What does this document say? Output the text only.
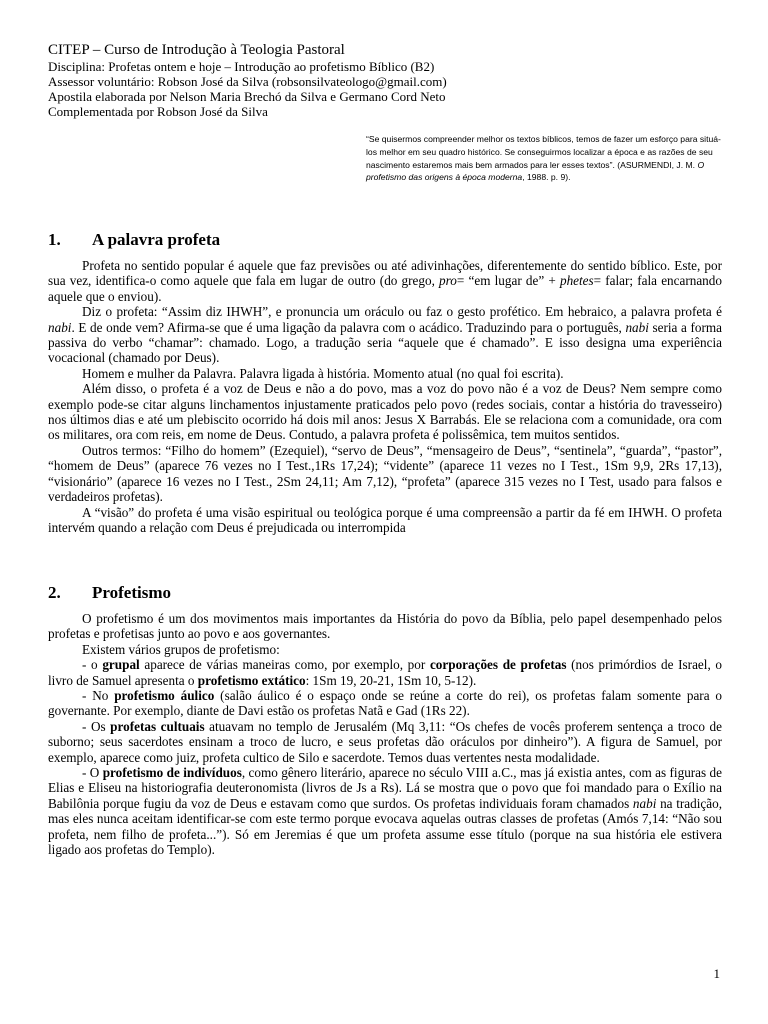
CITEP – Curso de Introdução à Teologia Pastoral
Disciplina: Profetas ontem e hoje – Introdução ao profetismo Bíblico (B2)
Assessor voluntário: Robson José da Silva (robsonsilvateologo@gmail.com)
Apostila elaborada por Nelson Maria Brechó da Silva e Germano Cord Neto
Complementada por Robson José da Silva
“Se quisermos compreender melhor os textos bíblicos, temos de fazer um esforço para situá-los melhor em seu quadro histórico. Se conseguirmos localizar a época e as razões de seu nascimento estaremos mais bem armados para ler esses textos”. (ASURMENDI, J. M. O profetismo das origens à época moderna, 1988. p. 9).
1.	A palavra profeta

Profeta no sentido popular é aquele que faz previsões ou até adivinhações, diferentemente do sentido bíblico. Este, por sua vez, identifica-o como aquele que fala em lugar de outro (do grego, pro= “em lugar de” + phetes= falar; fala encarnando aquele que o enviou).

Diz o profeta: “Assim diz IHWH”, e pronuncia um oráculo ou faz o gesto profético. Em hebraico, a palavra profeta é nabi. E de onde vem? Afirma-se que é uma ligação da palavra com o acádico. Traduzindo para o português, nabi seria a forma passiva do verbo “chamar”: chamado. Logo, a tradução seria “aquele que é chamado”. E isso designa uma experiência vocacional (chamado por Deus).

Homem e mulher da Palavra. Palavra ligada à história. Momento atual (no qual foi escrita).

Além disso, o profeta é a voz de Deus e não a do povo, mas a voz do povo não é a voz de Deus? Nem sempre como exemplo pode-se citar alguns linchamentos injustamente praticados pelo povo (redes sociais, contar a história do travesseiro) nos últimos dias e até um plebiscito ocorrido há dois mil anos: Jesus X Barrabás. Ele se relaciona com a comunidade, ora com os militares, ora com reis, em nome de Deus. Contudo, a palavra profeta é polissêmica, tem muitos sentidos.

Outros termos: “Filho do homem” (Ezequiel), “servo de Deus”, “mensageiro de Deus”, “sentinela”, “guarda”, “pastor”, “homem de Deus” (aparece 76 vezes no I Test.,1Rs 17,24); “vidente” (aparece 11 vezes no I Test., 1Sm 9,9, 2Rs 17,13), “visionário” (aparece 16 vezes no I Test., 2Sm 24,11; Am 7,12), “profeta” (aparece 315 vezes no I Test, usado para falsos e verdadeiros profetas).

A “visão” do profeta é uma visão espiritual ou teológica porque é uma compreensão a partir da fé em IHWH. O profeta intervém quando a relação com Deus é prejudicada ou interrompida

2.	Profetismo

O profetismo é um dos movimentos mais importantes da História do povo da Bíblia, pelo papel desempenhado pelos profetas e profetisas junto ao povo e aos governantes.

Existem vários grupos de profetismo:

- o grupal aparece de várias maneiras como, por exemplo, por corporações de profetas (nos primórdios de Israel, o livro de Samuel apresenta o profetismo extático: 1Sm 19, 20-21, 1Sm 10, 5-12).

- No profetismo áulico (salão áulico é o espaço onde se reúne a corte do rei), os profetas falam somente para o governante. Por exemplo, diante de Davi estão os profetas Natã e Gad (1Rs 22).

- Os profetas cultuais atuavam no templo de Jerusalém (Mq 3,11: “Os chefes de vocês proferem sentença a troco de suborno; seus sacerdotes ensinam a troco de lucro, e seus profetas dão oráculos por dinheiro”). A figura de Samuel, por exemplo, aparece como juiz, profeta cultico de Silo e sacerdote. Temos duas vertentes nesta modalidade.

- O profetismo de indivíduos, como gênero literário, aparece no século VIII a.C., mas já existia antes, com as figuras de Elias e Eliseu na historiografia deuteronomista (livros de Js a Rs). Lá se mostra que o povo que foi mandado para o Exílio na Babilônia porque fugiu da voz de Deus e estavam como que surdos. Os profetas individuais foram chamados nabi na tradição, mas eles nunca aceitam identificar-se com este termo porque evocava aquelas outras classes de profetas (Amós 7,14: “Não sou profeta, nem filho de profeta...”). Só em Jeremias é que um profeta assume esse título (porque na sua história ele estivera ligado aos profetas do Templo).

1
